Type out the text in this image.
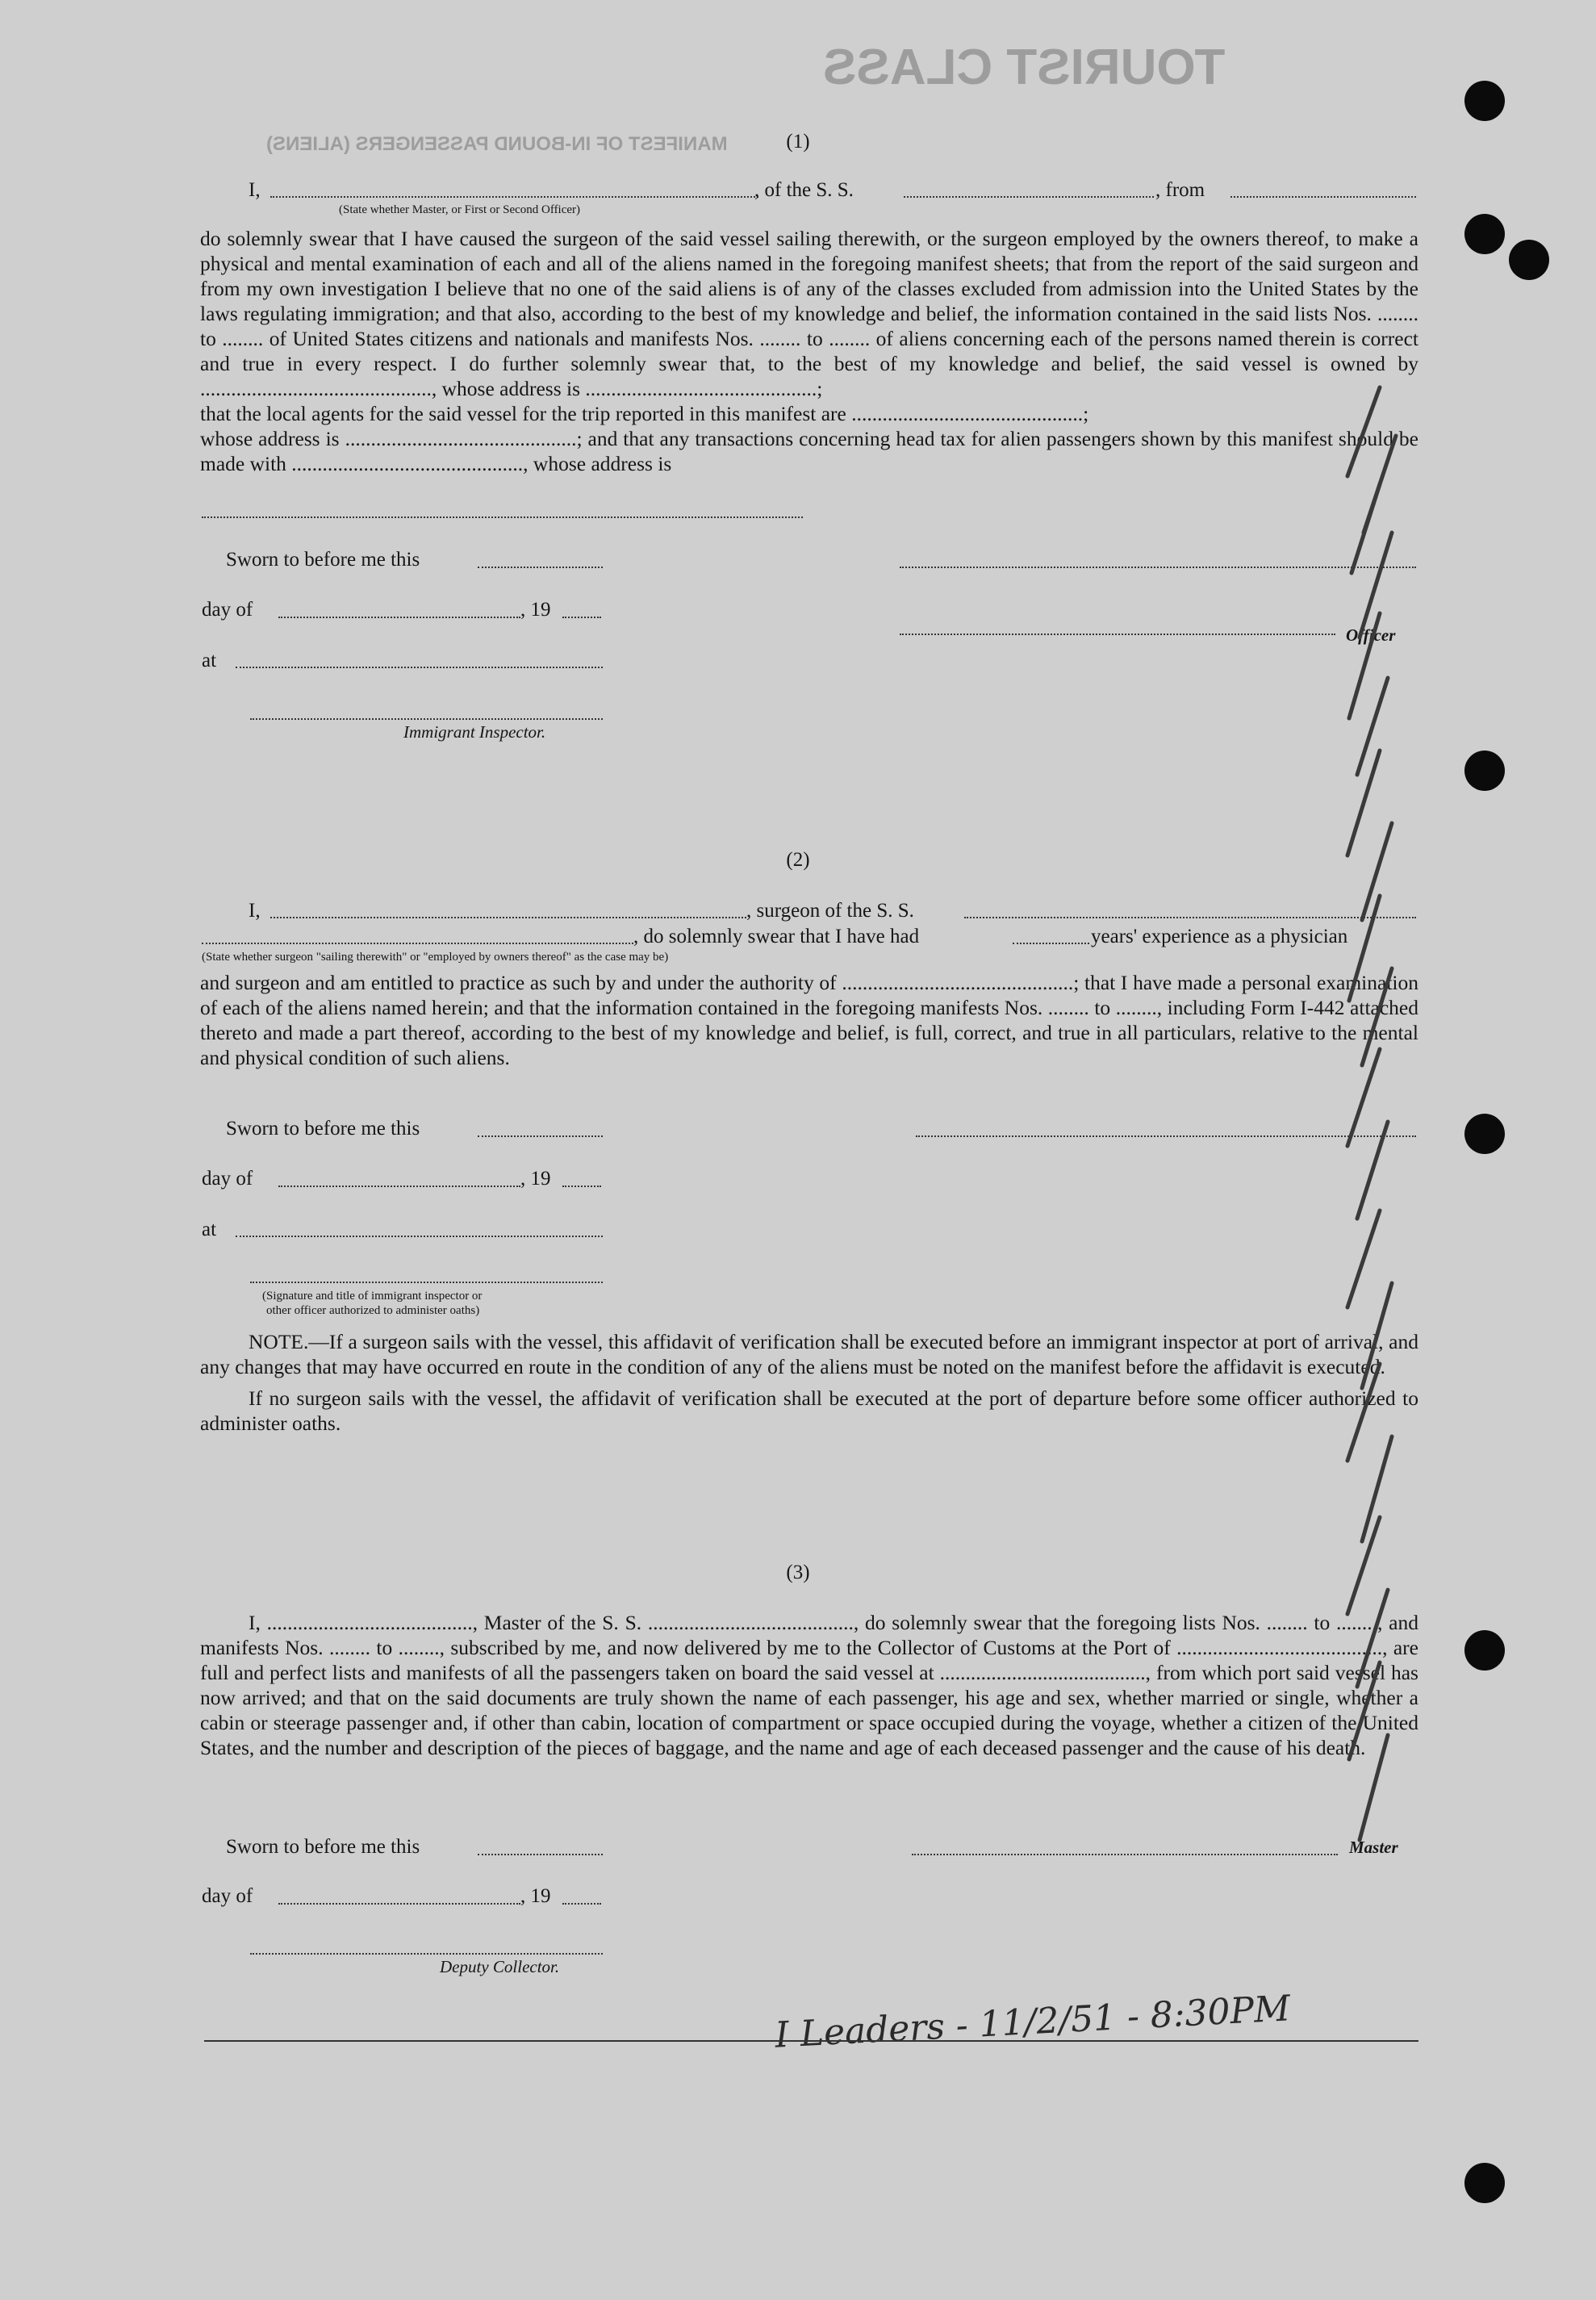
TOURIST CLASS
MANIFEST OF IN-BOUND PASSENGERS (ALIENS)	(1)
I,	, of the S. S.	, from
(State whether Master, or First or Second Officer)

do solemnly swear that I have caused the surgeon of the said vessel sailing therewith, or the surgeon employed by the owners thereof, to make a physical and mental examination of each and all of the aliens named in the foregoing manifest sheets; that from the report of the said surgeon and from my own investigation I believe that no one of the said aliens is of any of the classes excluded from admission into the United States by the laws regulating immigration; and that also, according to the best of my knowledge and belief, the information contained in the said lists Nos. ........ to ........ of United States citizens and nationals and manifests Nos. ........ to ........ of aliens concerning each of the persons named therein is correct and true in every respect. I do further solemnly swear that, to the best of my knowledge and belief, the said vessel is owned by ............................................., whose address is .............................................;

that the local agents for the said vessel for the trip reported in this manifest are .............................................;

whose address is .............................................; and that any transactions concerning head tax for alien passengers shown by this manifest should be made with ............................................., whose address is

Sworn to before me this
day of	, 19
Officer
at
Immigrant Inspector.
(2)
I,	, surgeon of the S. S.
, do solemnly swear that I have had	years' experience as a physician
(State whether surgeon "sailing therewith" or "employed by owners thereof" as the case may be)

and surgeon and am entitled to practice as such by and under the authority of .............................................; that I have made a personal examination of each of the aliens named herein; and that the information contained in the foregoing manifests Nos. ........ to ........, including Form I-442 attached thereto and made a part thereof, according to the best of my knowledge and belief, is full, correct, and true in all particulars, relative to the mental and physical condition of such aliens.

Sworn to before me this
day of	, 19
at
(Signature and title of immigrant inspector or
other officer authorized to administer oaths)

NOTE.—If a surgeon sails with the vessel, this affidavit of verification shall be executed before an immigrant inspector at port of arrival, and any changes that may have occurred en route in the condition of any of the aliens must be noted on the manifest before the affidavit is executed.

If no surgeon sails with the vessel, the affidavit of verification shall be executed at the port of departure before some officer authorized to administer oaths.

(3)

I, ........................................, Master of the S. S. ........................................, do solemnly swear that the foregoing lists Nos. ........ to ........, and manifests Nos. ........ to ........, subscribed by me, and now delivered by me to the Collector of Customs at the Port of ........................................, are full and perfect lists and manifests of all the passengers taken on board the said vessel at ........................................, from which port said vessel has now arrived; and that on the said documents are truly shown the name of each passenger, his age and sex, whether married or single, whether a cabin or steerage passenger and, if other than cabin, location of compartment or space occupied during the voyage, whether a citizen of the United States, and the number and description of the pieces of baggage, and the name and age of each deceased passenger and the cause of his death.

Sworn to before me this	Master
day of	, 19
Deputy Collector.
I Leaders - 11/2/51 - 8:30PM
